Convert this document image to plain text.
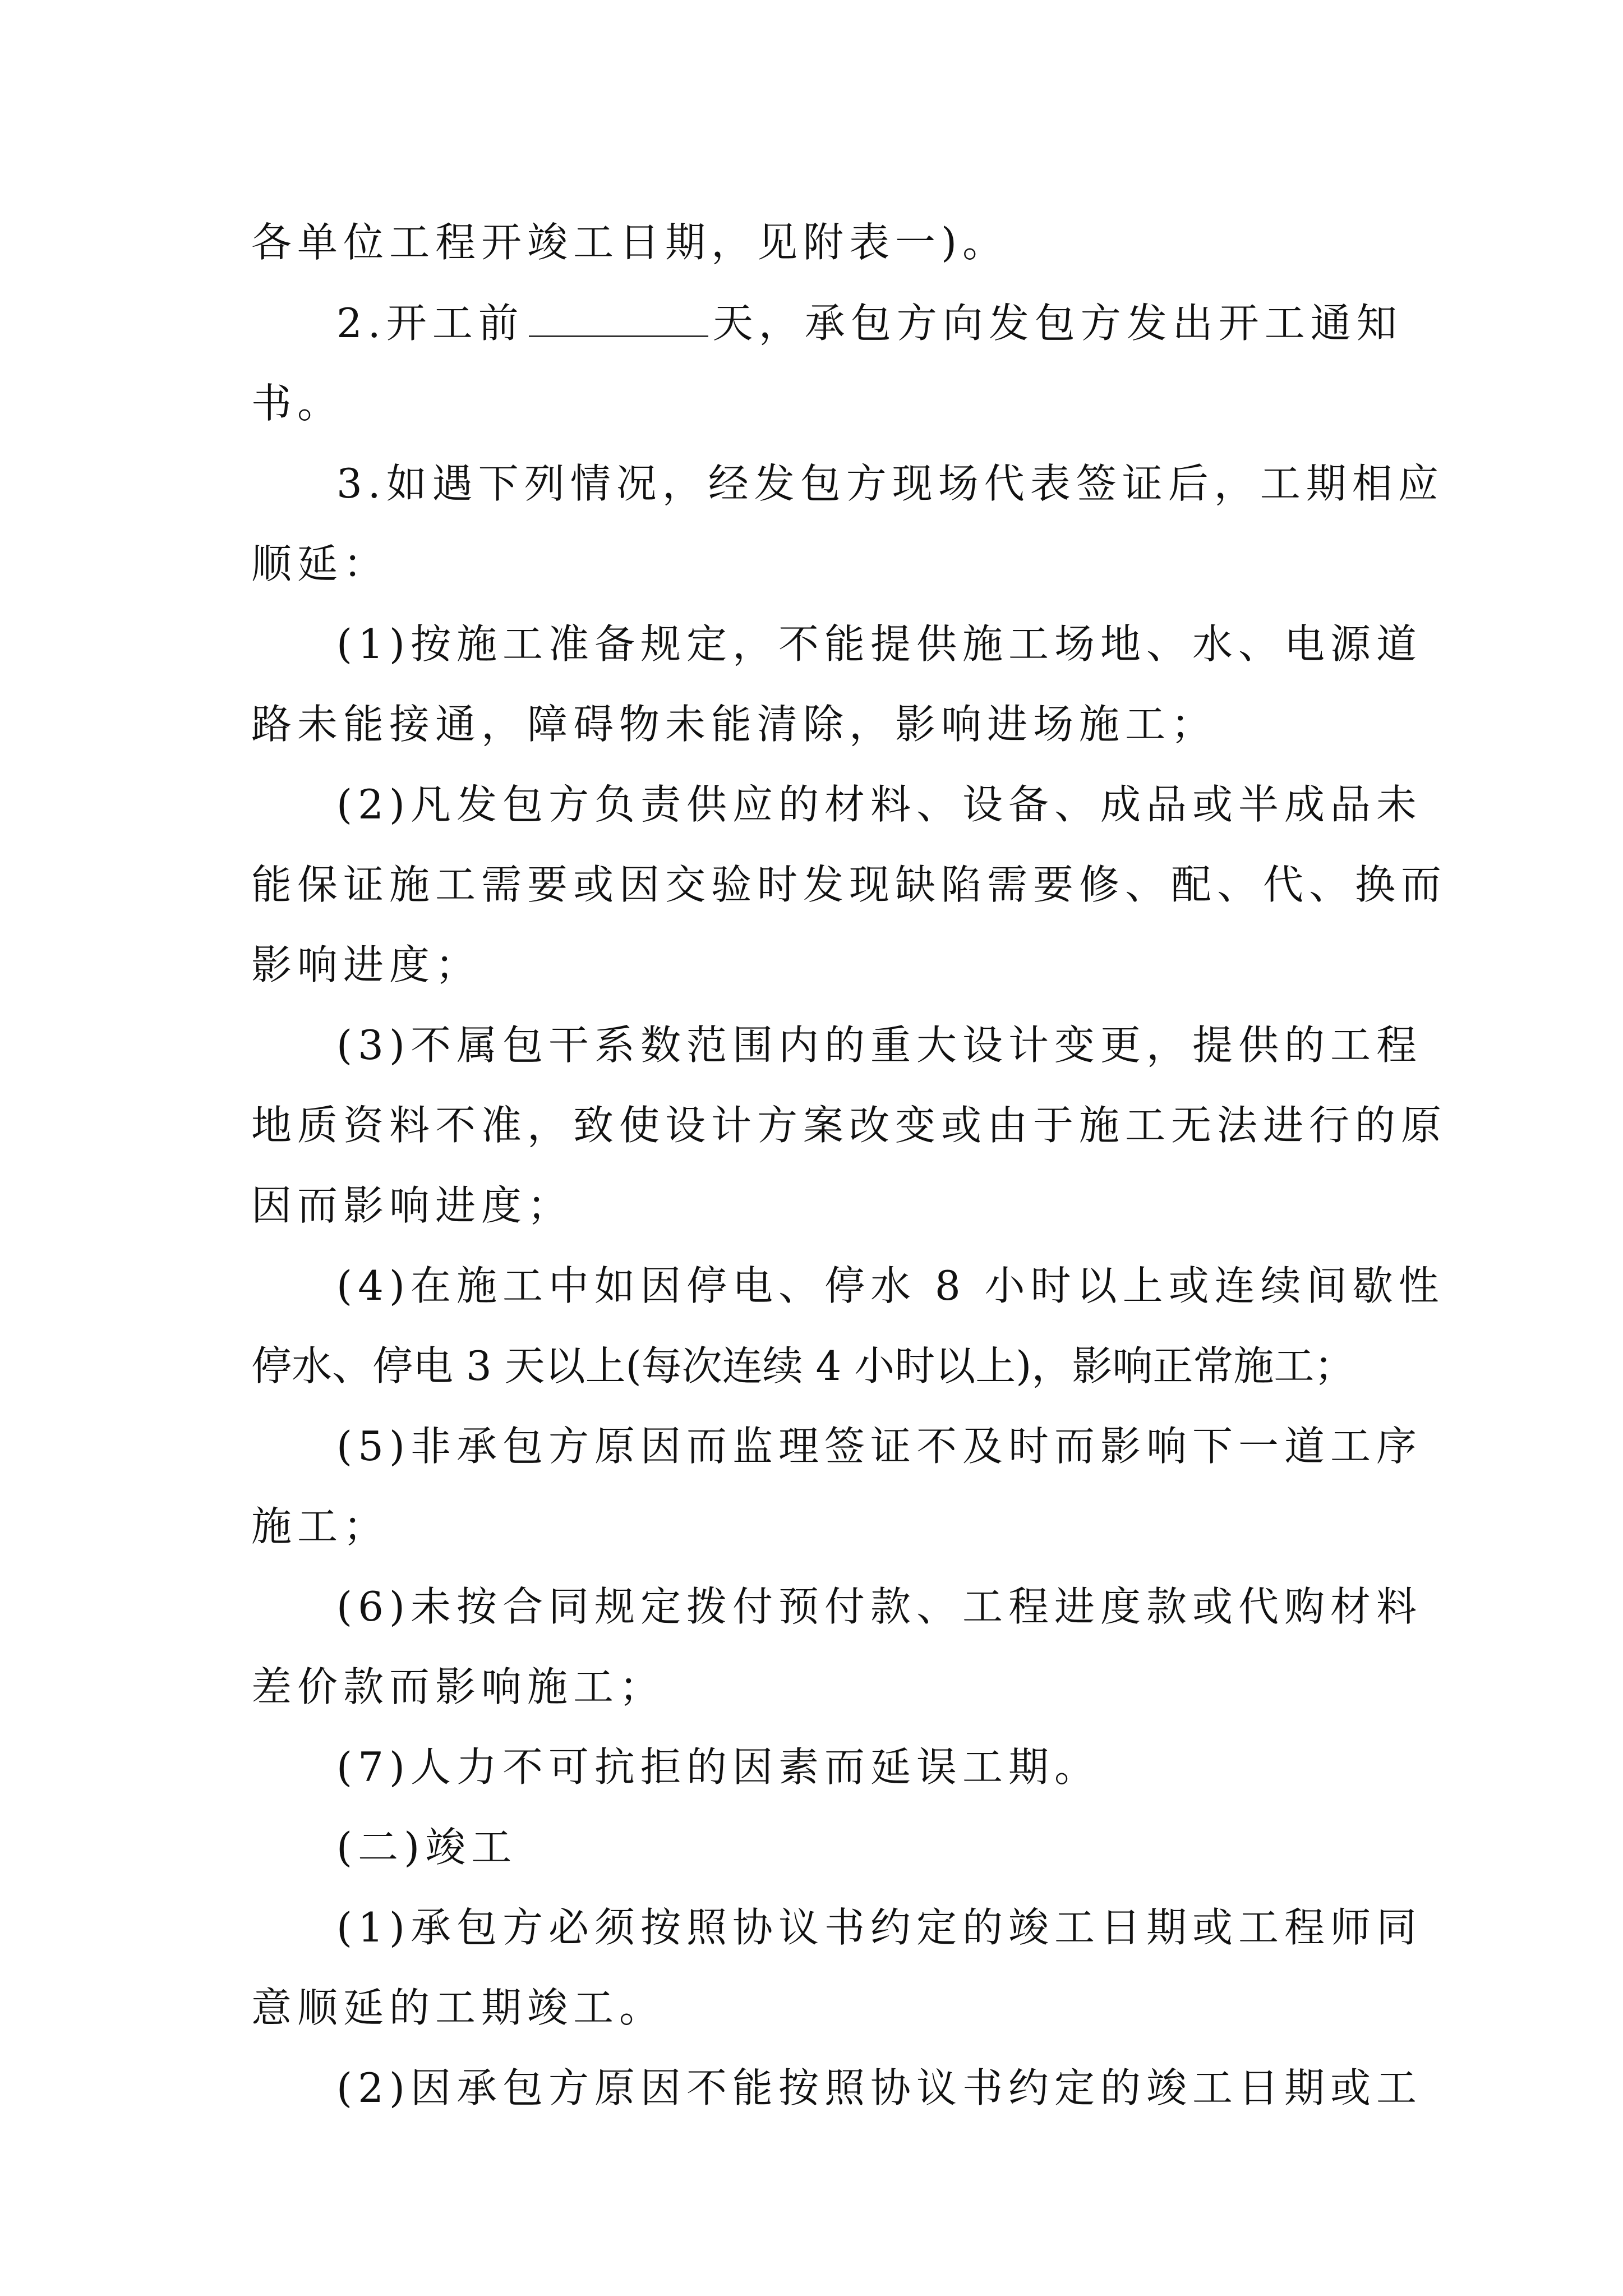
各单位工程开竣工日期，见附表一)。
2.开工前	天，承包方向发包方发出开工通知
书。
3.如遇下列情况，经发包方现场代表签证后，工期相应
顺延：
(1)按施工准备规定，不能提供施工场地、水、电源道
路未能接通，障碍物未能清除，影响进场施工；
(2)凡发包方负责供应的材料、设备、成品或半成品未
能保证施工需要或因交验时发现缺陷需要修、配、代、换而
影响进度；
(3)不属包干系数范围内的重大设计变更，提供的工程
地质资料不准，致使设计方案改变或由于施工无法进行的原
因而影响进度；
(4)在施工中如因停电、停水 8 小时以上或连续间歇性
停水、停电 3 天以上(每次连续 4 小时以上)，影响正常施工；
(5)非承包方原因而监理签证不及时而影响下一道工序
施工；
(6)未按合同规定拨付预付款、工程进度款或代购材料
差价款而影响施工；
(7)人力不可抗拒的因素而延误工期。
(二)竣工
(1)承包方必须按照协议书约定的竣工日期或工程师同
意顺延的工期竣工。
(2)因承包方原因不能按照协议书约定的竣工日期或工
